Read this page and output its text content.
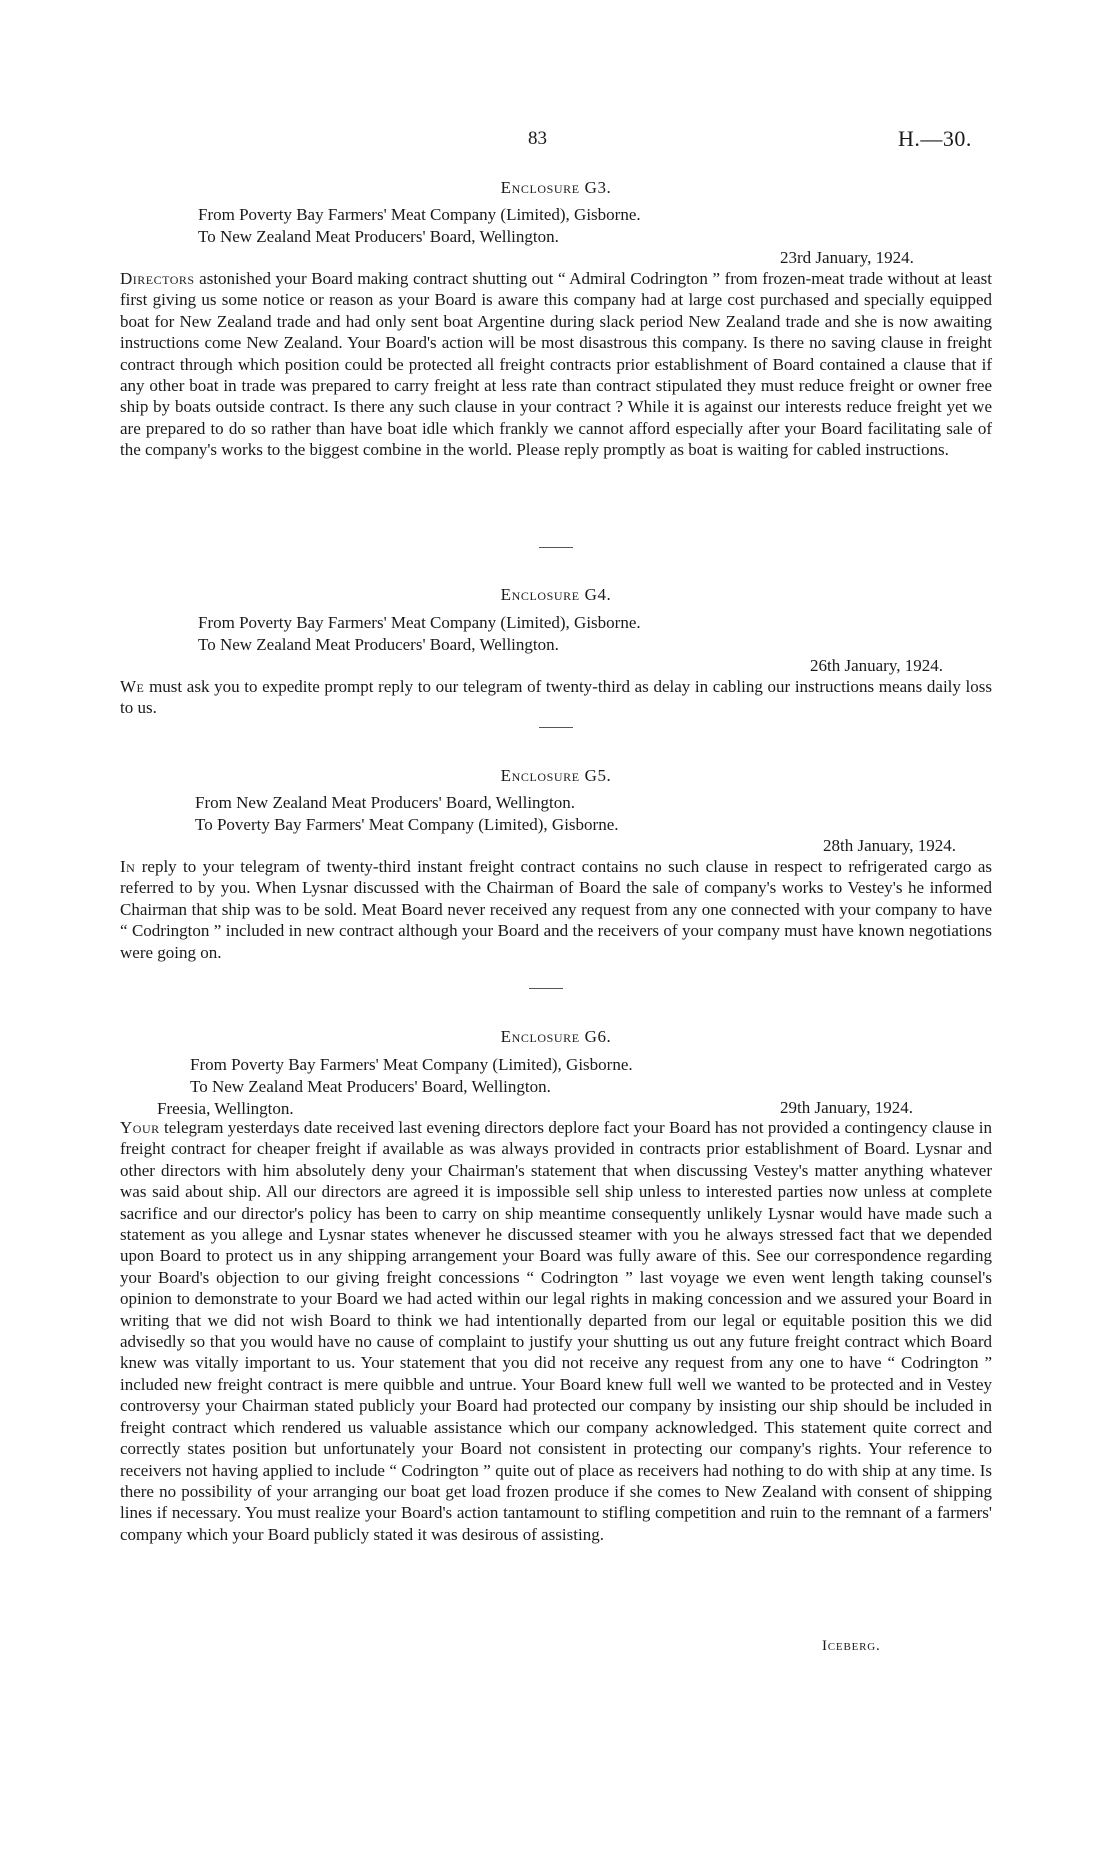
83	H.—30.
Enclosure G3.
From Poverty Bay Farmers' Meat Company (Limited), Gisborne.
To New Zealand Meat Producers' Board, Wellington.
23rd January, 1924.
Directors astonished your Board making contract shutting out “ Admiral Codrington ” from frozen-meat trade without at least first giving us some notice or reason as your Board is aware this company had at large cost purchased and specially equipped boat for New Zealand trade and had only sent boat Argentine during slack period New Zealand trade and she is now awaiting instructions come New Zealand. Your Board's action will be most disastrous this company. Is there no saving clause in freight contract through which position could be protected all freight contracts prior establishment of Board contained a clause that if any other boat in trade was prepared to carry freight at less rate than contract stipulated they must reduce freight or owner free ship by boats outside contract. Is there any such clause in your contract ? While it is against our interests reduce freight yet we are prepared to do so rather than have boat idle which frankly we cannot afford especially after your Board facilitating sale of the company's works to the biggest combine in the world. Please reply promptly as boat is waiting for cabled instructions.
Enclosure G4.
From Poverty Bay Farmers' Meat Company (Limited), Gisborne.
To New Zealand Meat Producers' Board, Wellington.
26th January, 1924.
We must ask you to expedite prompt reply to our telegram of twenty-third as delay in cabling our instructions means daily loss to us.
Enclosure G5.
From New Zealand Meat Producers' Board, Wellington.
To Poverty Bay Farmers' Meat Company (Limited), Gisborne.
28th January, 1924.
In reply to your telegram of twenty-third instant freight contract contains no such clause in respect to refrigerated cargo as referred to by you. When Lysnar discussed with the Chairman of Board the sale of company's works to Vestey's he informed Chairman that ship was to be sold. Meat Board never received any request from any one connected with your company to have “ Codrington ” included in new contract although your Board and the receivers of your company must have known negotiations were going on.
Enclosure G6.
From Poverty Bay Farmers' Meat Company (Limited), Gisborne.
To New Zealand Meat Producers' Board, Wellington.
Freesia, Wellington.	29th January, 1924.
Your telegram yesterdays date received last evening directors deplore fact your Board has not provided a contingency clause in freight contract for cheaper freight if available as was always provided in contracts prior establishment of Board. Lysnar and other directors with him absolutely deny your Chairman's statement that when discussing Vestey's matter anything whatever was said about ship. All our directors are agreed it is impossible sell ship unless to interested parties now unless at complete sacrifice and our director's policy has been to carry on ship meantime consequently unlikely Lysnar would have made such a statement as you allege and Lysnar states whenever he discussed steamer with you he always stressed fact that we depended upon Board to protect us in any shipping arrangement your Board was fully aware of this. See our correspondence regarding your Board's objection to our giving freight concessions “ Codrington ” last voyage we even went length taking counsel's opinion to demonstrate to your Board we had acted within our legal rights in making concession and we assured your Board in writing that we did not wish Board to think we had intentionally departed from our legal or equitable position this we did advisedly so that you would have no cause of complaint to justify your shutting us out any future freight contract which Board knew was vitally important to us. Your statement that you did not receive any request from any one to have “ Codrington ” included new freight contract is mere quibble and untrue. Your Board knew full well we wanted to be protected and in Vestey controversy your Chairman stated publicly your Board had protected our company by insisting our ship should be included in freight contract which rendered us valuable assistance which our company acknowledged. This statement quite correct and correctly states position but unfortunately your Board not consistent in protecting our company's rights. Your reference to receivers not having applied to include “ Codrington ” quite out of place as receivers had nothing to do with ship at any time. Is there no possibility of your arranging our boat get load frozen produce if she comes to New Zealand with consent of shipping lines if necessary. You must realize your Board's action tantamount to stifling competition and ruin to the remnant of a farmers' company which your Board publicly stated it was desirous of assisting.
Iceberg.
